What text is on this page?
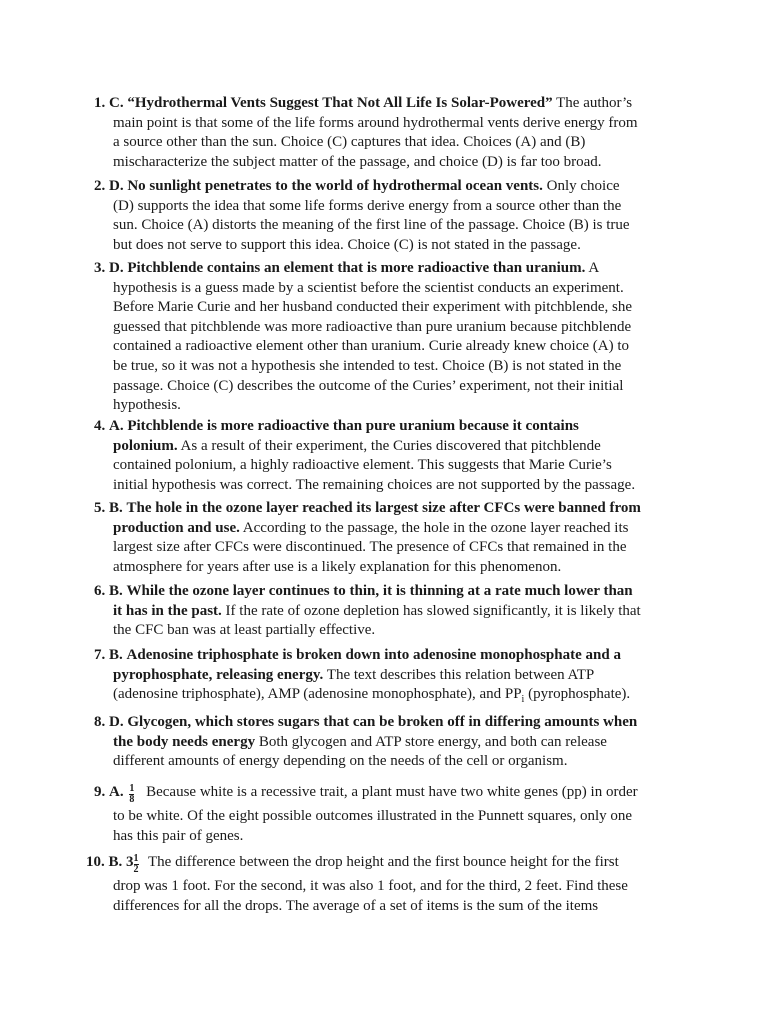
1. C. “Hydrothermal Vents Suggest That Not All Life Is Solar-Powered” The author’s
main point is that some of the life forms around hydrothermal vents derive energy from
a source other than the sun. Choice (C) captures that idea. Choices (A) and (B)
mischaracterize the subject matter of the passage, and choice (D) is far too broad.
2. D. No sunlight penetrates to the world of hydrothermal ocean vents. Only choice
(D) supports the idea that some life forms derive energy from a source other than the
sun. Choice (A) distorts the meaning of the first line of the passage. Choice (B) is true
but does not serve to support this idea. Choice (C) is not stated in the passage.
3. D. Pitchblende contains an element that is more radioactive than uranium. A
hypothesis is a guess made by a scientist before the scientist conducts an experiment.
Before Marie Curie and her husband conducted their experiment with pitchblende, she
guessed that pitchblende was more radioactive than pure uranium because pitchblende
contained a radioactive element other than uranium. Curie already knew choice (A) to
be true, so it was not a hypothesis she intended to test. Choice (B) is not stated in the
passage. Choice (C) describes the outcome of the Curies’ experiment, not their initial
hypothesis.
4. A. Pitchblende is more radioactive than pure uranium because it contains
polonium. As a result of their experiment, the Curies discovered that pitchblende
contained polonium, a highly radioactive element. This suggests that Marie Curie’s
initial hypothesis was correct. The remaining choices are not supported by the passage.
5. B. The hole in the ozone layer reached its largest size after CFCs were banned from
production and use. According to the passage, the hole in the ozone layer reached its
largest size after CFCs were discontinued. The presence of CFCs that remained in the
atmosphere for years after use is a likely explanation for this phenomenon.
6. B. While the ozone layer continues to thin, it is thinning at a rate much lower than
it has in the past. If the rate of ozone depletion has slowed significantly, it is likely that
the CFC ban was at least partially effective.
7. B. Adenosine triphosphate is broken down into adenosine monophosphate and a
pyrophosphate, releasing energy. The text describes this relation between ATP
(adenosine triphosphate), AMP (adenosine monophosphate), and $PP_i$ (pyrophosphate).
8. D. Glycogen, which stores sugars that can be broken off in differing amounts when
the body needs energy Both glycogen and ATP store energy, and both can release
different amounts of energy depending on the needs of the cell or organism.
9. A. $\frac{1}{8}$ Because white is a recessive trait, a plant must have two white genes (pp) in order
to be white. Of the eight possible outcomes illustrated in the Punnett squares, only one
has this pair of genes.
10. B. $3 \frac{1}{2}$ The difference between the drop height and the first bounce height for the first
drop was 1 foot. For the second, it was also 1 foot, and for the third, 2 feet. Find these
differences for all the drops. The average of a set of items is the sum of the items
